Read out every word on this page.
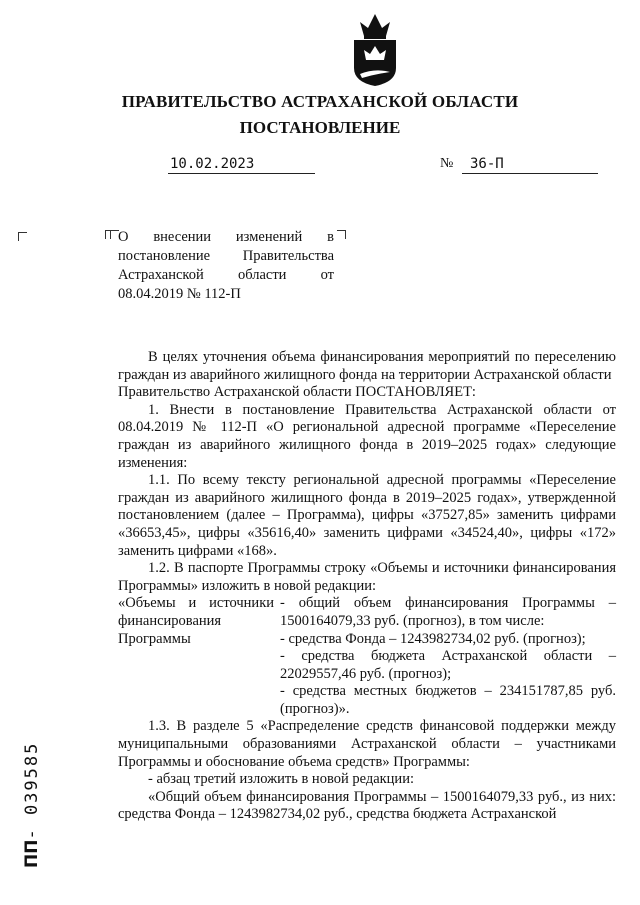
ПРАВИТЕЛЬСТВО АСТРАХАНСКОЙ ОБЛАСТИ
ПОСТАНОВЛЕНИЕ
10.02.2023	№	36-П
О внесении изменений в постановление Правительства Астраханской области от 08.04.2019 № 112-П

В целях уточнения объема финансирования мероприятий по переселению граждан из аварийного жилищного фонда на территории Астраханской области

Правительство Астраханской области ПОСТАНОВЛЯЕТ:

1. Внести в постановление Правительства Астраханской области от 08.04.2019 № 112-П «О региональной адресной программе «Переселение граждан из аварийного жилищного фонда в 2019–2025 годах» следующие изменения:

1.1. По всему тексту региональной адресной программы «Переселение граждан из аварийного жилищного фонда в 2019–2025 годах», утвержденной постановлением (далее – Программа), цифры «37527,85» заменить цифрами «36653,45», цифры «35616,40» заменить цифрами «34524,40», цифры «172» заменить цифрами «168».

1.2. В паспорте Программы строку «Объемы и источники финансирования Программы» изложить в новой редакции:

«Объемы и источники финансирования Программы

- общий объем финансирования Программы – 1500164079,33 руб. (прогноз), в том числе:

- средства Фонда – 1243982734,02 руб. (прогноз);

- средства бюджета Астраханской области – 22029557,46 руб. (прогноз);

- средства местных бюджетов – 234151787,85 руб. (прогноз)».

1.3. В разделе 5 «Распределение средств финансовой поддержки между муниципальными образованиями Астраханской области – участниками Программы и обоснование объема средств» Программы:

- абзац третий изложить в новой редакции:

«Общий объем финансирования Программы – 1500164079,33 руб., из них: средства Фонда – 1243982734,02 руб., средства бюджета Астраханской

ПП- 039585
